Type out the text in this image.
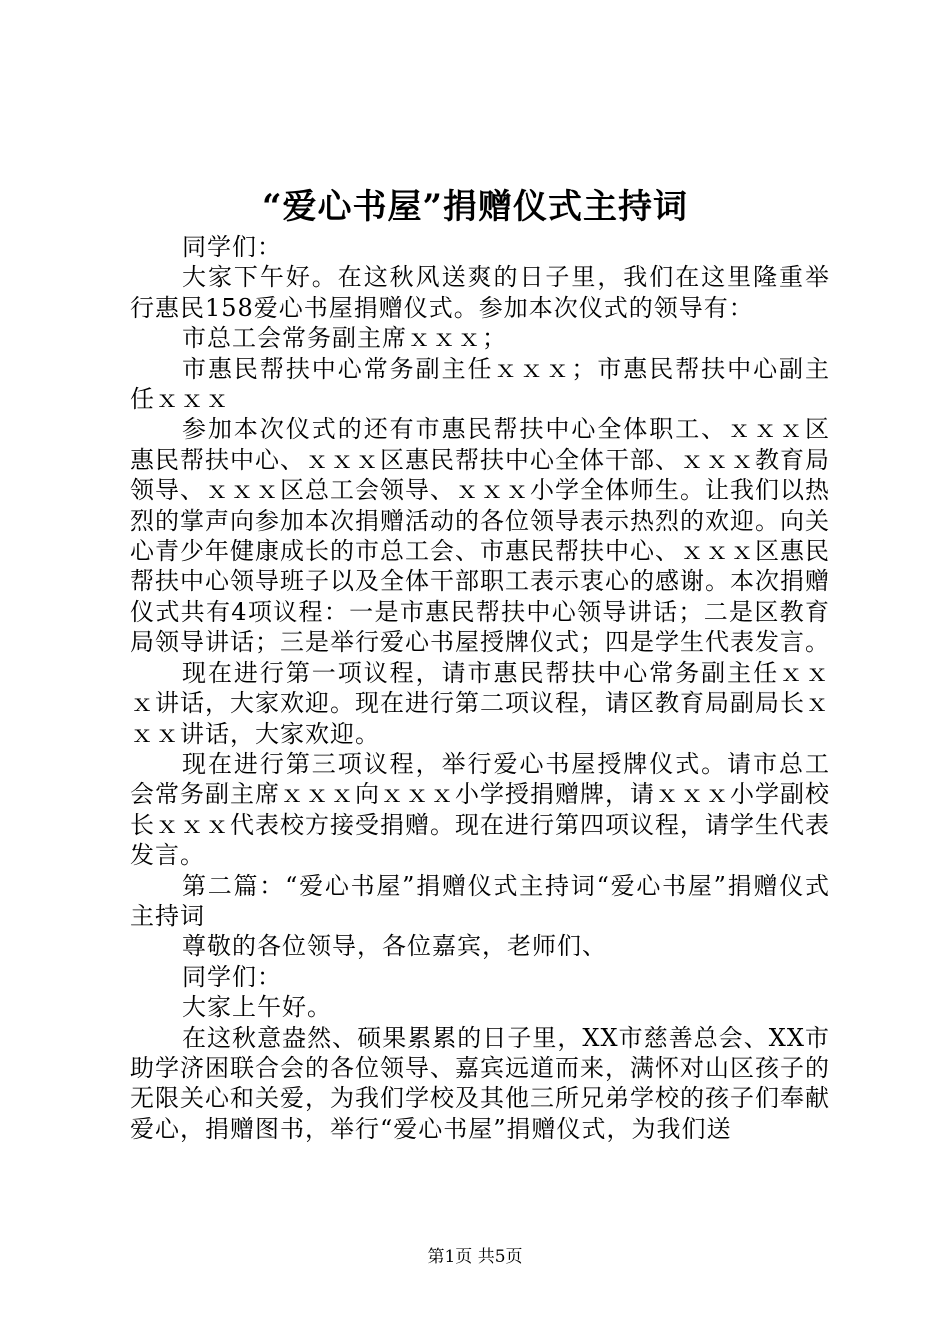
“爱心书屋”捐赠仪式主持词

同学们：

大家下午好。在这秋风送爽的日子里，我们在这里隆重举行惠民158爱心书屋捐赠仪式。参加本次仪式的领导有：

市总工会常务副主席ｘｘｘ；

市惠民帮扶中心常务副主任ｘｘｘ；市惠民帮扶中心副主任ｘｘｘ

参加本次仪式的还有市惠民帮扶中心全体职工、ｘｘｘ区惠民帮扶中心、ｘｘｘ区惠民帮扶中心全体干部、ｘｘｘ教育局领导、ｘｘｘ区总工会领导、ｘｘｘ小学全体师生。让我们以热烈的掌声向参加本次捐赠活动的各位领导表示热烈的欢迎。向关心青少年健康成长的市总工会、市惠民帮扶中心、ｘｘｘ区惠民帮扶中心领导班子以及全体干部职工表示衷心的感谢。本次捐赠仪式共有4项议程：一是市惠民帮扶中心领导讲话；二是区教育局领导讲话；三是举行爱心书屋授牌仪式；四是学生代表发言。

现在进行第一项议程，请市惠民帮扶中心常务副主任ｘｘｘ讲话，大家欢迎。现在进行第二项议程，请区教育局副局长ｘｘｘ讲话，大家欢迎。

现在进行第三项议程，举行爱心书屋授牌仪式。请市总工会常务副主席ｘｘｘ向ｘｘｘ小学授捐赠牌，请ｘｘｘ小学副校长ｘｘｘ代表校方接受捐赠。现在进行第四项议程，请学生代表发言。

第二篇：“爱心书屋”捐赠仪式主持词“爱心书屋”捐赠仪式主持词

尊敬的各位领导，各位嘉宾，老师们、

同学们：

大家上午好。

在这秋意盎然、硕果累累的日子里，XX市慈善总会、XX市助学济困联合会的各位领导、嘉宾远道而来，满怀对山区孩子的无限关心和关爱，为我们学校及其他三所兄弟学校的孩子们奉献爱心，捐赠图书，举行“爱心书屋”捐赠仪式，为我们送

第1页 共5页
